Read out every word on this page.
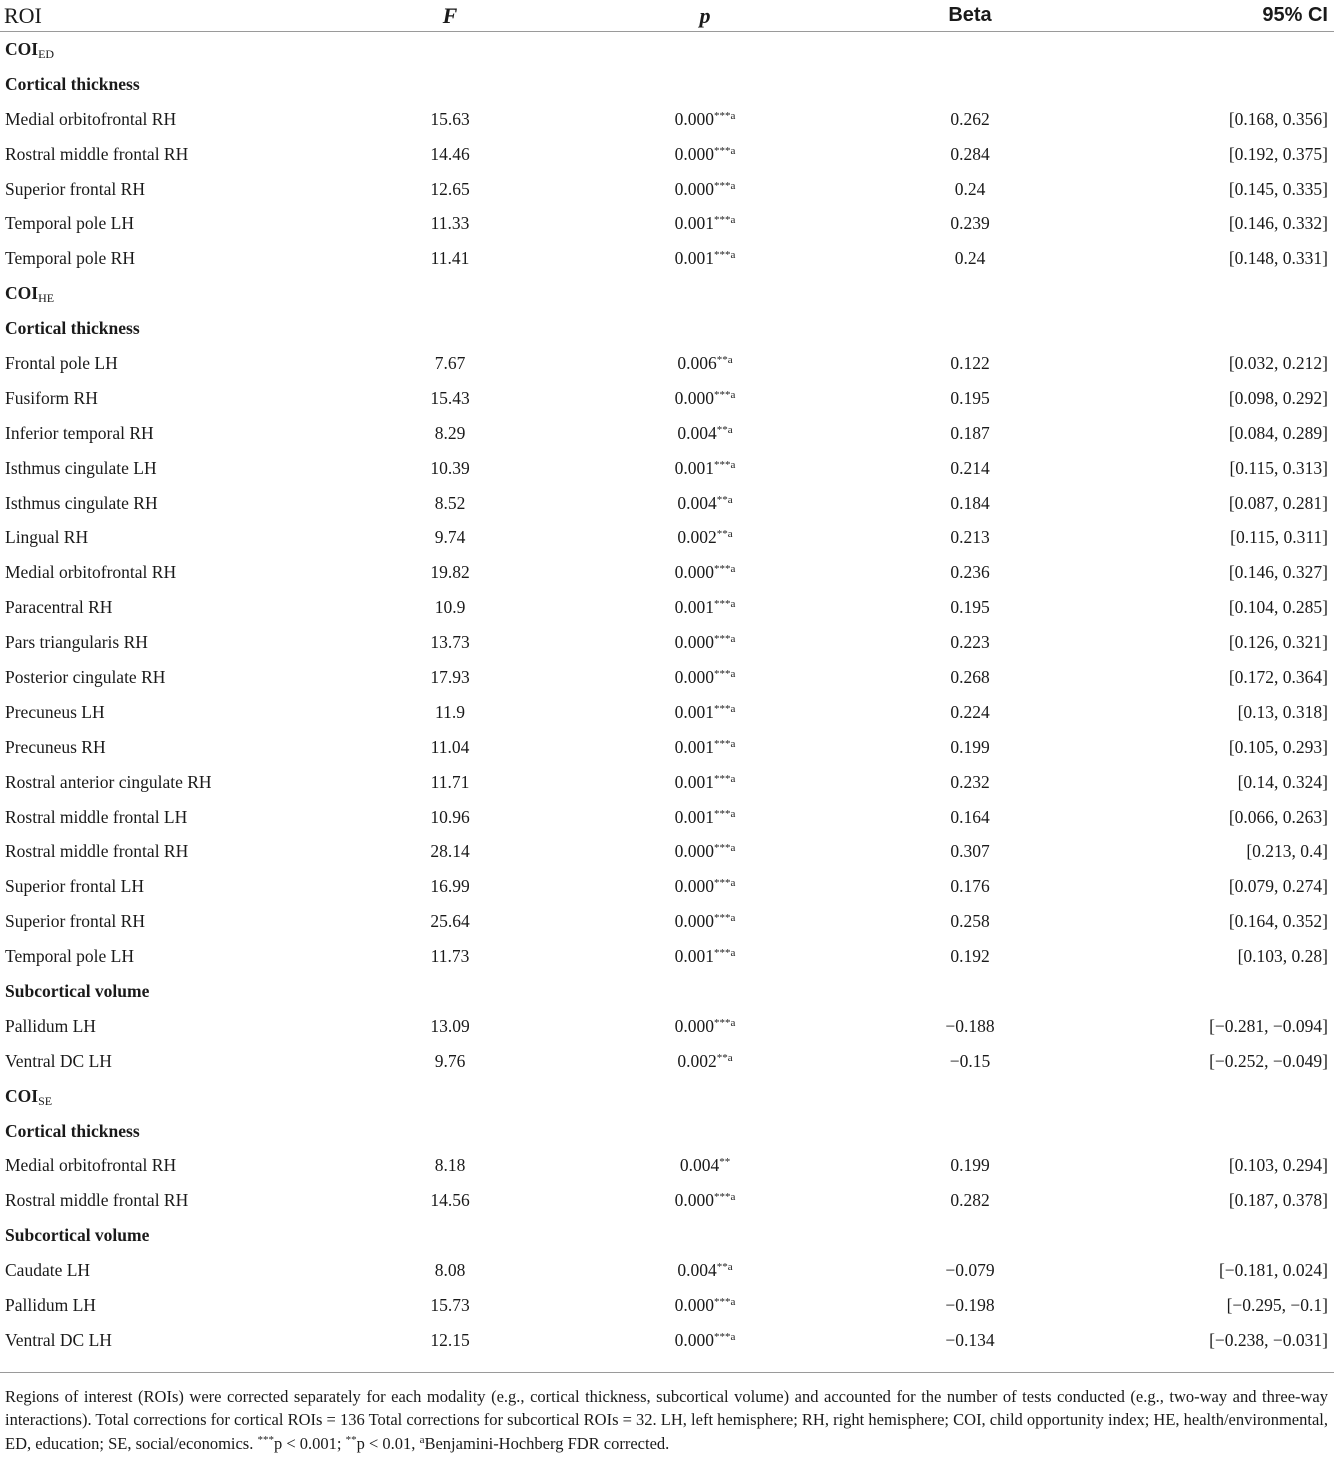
ROI	F	p	Beta	95% CI
$COI_{ED}$
Cortical thickness				
Medial orbitofrontal RH	15.63	0.000$^{***a}$	0.262	[0.168, 0.356]
Rostral middle frontal RH	14.46	0.000$^{***a}$	0.284	[0.192, 0.375]
Superior frontal RH	12.65	0.000$^{***a}$	0.24	[0.145, 0.335]
Temporal pole LH	11.33	0.001$^{***a}$	0.239	[0.146, 0.332]
Temporal pole RH	11.41	0.001$^{***a}$	0.24	[0.148, 0.331]
$COI_{HE}$
Cortical thickness				
Frontal pole LH	7.67	0.006$^{**a}$	0.122	[0.032, 0.212]
Fusiform RH	15.43	0.000$^{***a}$	0.195	[0.098, 0.292]
Inferior temporal RH	8.29	0.004$^{**a}$	0.187	[0.084, 0.289]
Isthmus cingulate LH	10.39	0.001$^{***a}$	0.214	[0.115, 0.313]
Isthmus cingulate RH	8.52	0.004$^{**a}$	0.184	[0.087, 0.281]
Lingual RH	9.74	0.002$^{**a}$	0.213	[0.115, 0.311]
Medial orbitofrontal RH	19.82	0.000$^{***a}$	0.236	[0.146, 0.327]
Paracentral RH	10.9	0.001$^{***a}$	0.195	[0.104, 0.285]
Pars triangularis RH	13.73	0.000$^{***a}$	0.223	[0.126, 0.321]
Posterior cingulate RH	17.93	0.000$^{***a}$	0.268	[0.172, 0.364]
Precuneus LH	11.9	0.001$^{***a}$	0.224	[0.13, 0.318]
Precuneus RH	11.04	0.001$^{***a}$	0.199	[0.105, 0.293]
Rostral anterior cingulate RH	11.71	0.001$^{***a}$	0.232	[0.14, 0.324]
Rostral middle frontal LH	10.96	0.001$^{***a}$	0.164	[0.066, 0.263]
Rostral middle frontal RH	28.14	0.000$^{***a}$	0.307	[0.213, 0.4]
Superior frontal LH	16.99	0.000$^{***a}$	0.176	[0.079, 0.274]
Superior frontal RH	25.64	0.000$^{***a}$	0.258	[0.164, 0.352]
Temporal pole LH	11.73	0.001$^{***a}$	0.192	[0.103, 0.28]
Subcortical volume				
Pallidum LH	13.09	$0.000^{***a}$	−0.188	[−0.281, −0.094]
Ventral DC LH	9.76	$0.002^{**a}$	−0.15	[−0.252, −0.049]
$COI_{SE}$
Cortical thickness				
Medial orbitofrontal RH	8.18	0.004**	0.199	[0.103, 0.294]
Rostral middle frontal RH	14.56	0.000$^{***a}$	0.282	[0.187, 0.378]
Subcortical volume				
Caudate LH	8.08	$0.004^{**a}$	−0.079	[−0.181, 0.024]
Pallidum LH	15.73	$0.000^{***a}$	−0.198	[−0.295, −0.1]
Ventral DC LH	12.15	$0.000^{***a}$	−0.134	[−0.238, −0.031]
Regions of interest (ROIs) were corrected separately for each modality (e.g., cortical thickness, subcortical volume) and accounted for the number of tests conducted (e.g., two-way and three-way interactions). Total corrections for cortical ROIs = 136 Total corrections for subcortical ROIs = 32. LH, left hemisphere; RH, right hemisphere; COI, child opportunity index; HE, health/environmental, ED, education; SE, social/economics. ***p < 0.001; **p < 0.01, $^a$Benjamini-Hochberg FDR corrected.
